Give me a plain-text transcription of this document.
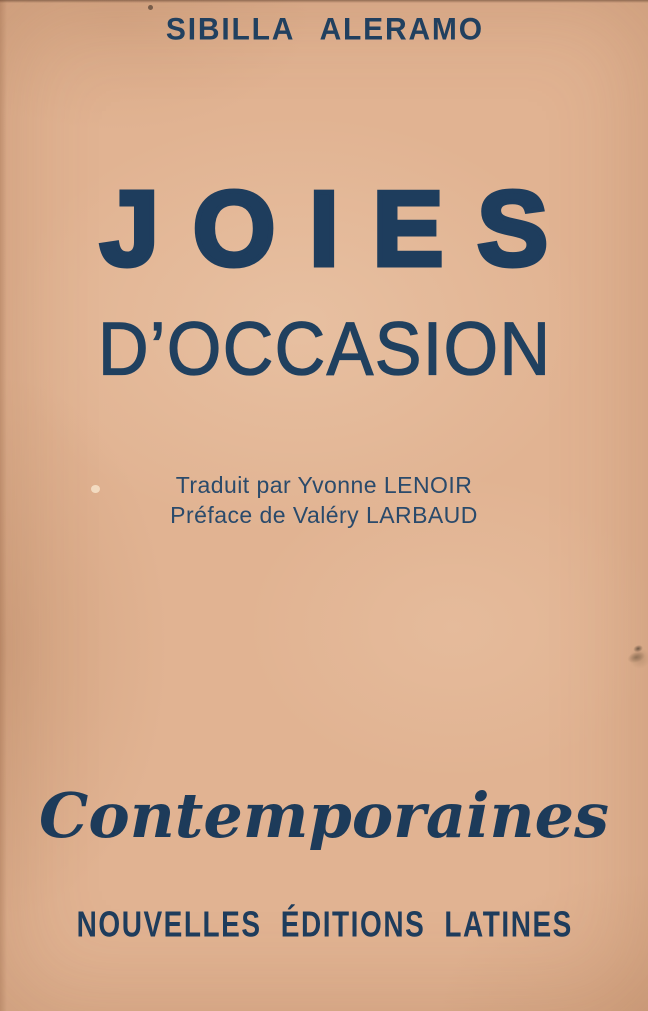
SIBILLA ALERAMO
JOIES
D’OCCASION
Traduit par Yvonne LENOIR
Préface de Valéry LARBAUD
Contemporaines
NOUVELLES ÉDITIONS LATINES
